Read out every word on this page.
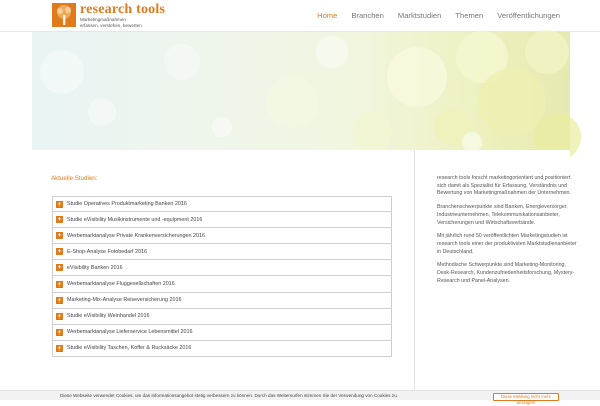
research tools
Marketingmaßnahmen
erfassen, verstehen, bewerten
Home Branchen Marktstudien Themen Veröffentlichungen
Aktuelle Studien:
+ Studie Operatives Produktmarketing Banken 2016
+ Studie eVisibility Musikinstrumente und -equipment 2016
+ Werbemarktanalyse Private Krankenversicherungen 2016
+ E-Shop-Analyse Fotobedarf 2016
+ eVisibility Banken 2016
+ Werbemarktanalyse Fluggesellschaften 2016
+ Marketing-Mix-Analyse Reiseversicherung 2016
+ Studie eVisibility Weinhandel 2016
+ Werbemarktanalyse Lieferservice Lebensmittel 2016
+ Studie eVisibility Taschen, Koffer & Rucksäcke 2016

research tools forscht marketingorientiert und positioniert sich damit als Spezialist für Erfassung, Verständnis und Bewertung von Marketingmaßnahmen der Unternehmen.

Branchenschwerpunkte sind Banken, Energieversorger, Industrieunternehmen, Telekommunikationsanbieter, Versicherungen und Wirtschaftsverbände.

Mit jährlich rund 50 veröffentlichten Marketingstudien ist research tools einer der produktivsten Marktstudienanbieter in Deutschland.

Methodische Schwerpunkte sind Marketing-Monitoring, Desk-Research, Kundenzufriedenheitsforschung, Mystery-Research und Panel-Analysen.

Diese Webseite verwendet Cookies, um das Informationsangebot stetig verbessern zu können. Durch das Weitersurfen stimmen Sie der Verwendung von Cookies zu.	Diese Meldung nicht mehr anzeigen!
